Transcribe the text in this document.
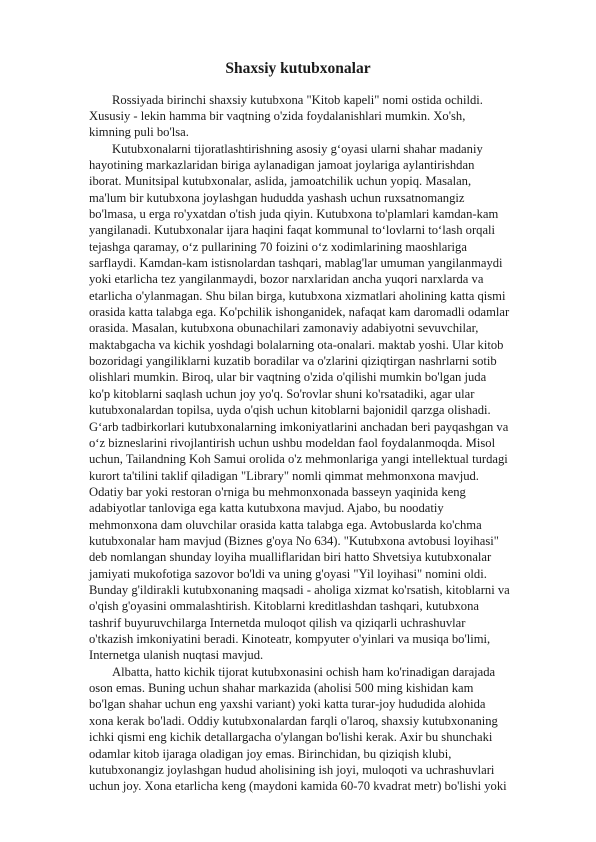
Shaxsiy kutubxonalar
Rossiyada birinchi shaxsiy kutubxona "Kitob kapeli" nomi ostida ochildi.
Xususiy - lekin hamma bir vaqtning o'zida foydalanishlari mumkin. Xo'sh,
kimning puli bo'lsa.
Kutubxonalarni tijoratlashtirishning asosiy g‘oyasi ularni shahar madaniy
hayotining markazlaridan biriga aylanadigan jamoat joylariga aylantirishdan
iborat. Munitsipal kutubxonalar, aslida, jamoatchilik uchun yopiq. Masalan,
ma'lum bir kutubxona joylashgan hududda yashash uchun ruxsatnomangiz
bo'lmasa, u erga ro'yxatdan o'tish juda qiyin. Kutubxona to'plamlari kamdan-kam
yangilanadi. Kutubxonalar ijara haqini faqat kommunal to‘lovlarni to‘lash orqali
tejashga qaramay, o‘z pullarining 70 foizini o‘z xodimlarining maoshlariga
sarflaydi. Kamdan-kam istisnolardan tashqari, mablag'lar umuman yangilanmaydi
yoki etarlicha tez yangilanmaydi, bozor narxlaridan ancha yuqori narxlarda va
etarlicha o'ylanmagan. Shu bilan birga, kutubxona xizmatlari aholining katta qismi
orasida katta talabga ega. Ko'pchilik ishonganidek, nafaqat kam daromadli odamlar
orasida. Masalan, kutubxona obunachilari zamonaviy adabiyotni sevuvchilar,
maktabgacha va kichik yoshdagi bolalarning ota-onalari. maktab yoshi. Ular kitob
bozoridagi yangiliklarni kuzatib boradilar va o'zlarini qiziqtirgan nashrlarni sotib
olishlari mumkin. Biroq, ular bir vaqtning o'zida o'qilishi mumkin bo'lgan juda
ko'p kitoblarni saqlash uchun joy yo'q. So'rovlar shuni ko'rsatadiki, agar ular
kutubxonalardan topilsa, uyda o'qish uchun kitoblarni bajonidil qarzga olishadi.
G‘arb tadbirkorlari kutubxonalarning imkoniyatlarini anchadan beri payqashgan va
o‘z bizneslarini rivojlantirish uchun ushbu modeldan faol foydalanmoqda. Misol
uchun, Tailandning Koh Samui orolida o'z mehmonlariga yangi intellektual turdagi
kurort ta'tilini taklif qiladigan "Library" nomli qimmat mehmonxona mavjud.
Odatiy bar yoki restoran o'rniga bu mehmonxonada basseyn yaqinida keng
adabiyotlar tanloviga ega katta kutubxona mavjud. Ajabo, bu noodatiy
mehmonxona dam oluvchilar orasida katta talabga ega. Avtobuslarda ko'chma
kutubxonalar ham mavjud (Biznes g'oya No 634). "Kutubxona avtobusi loyihasi"
deb nomlangan shunday loyiha mualliflaridan biri hatto Shvetsiya kutubxonalar
jamiyati mukofotiga sazovor bo'ldi va uning g'oyasi "Yil loyihasi" nomini oldi.
Bunday g'ildirakli kutubxonaning maqsadi - aholiga xizmat ko'rsatish, kitoblarni va
o'qish g'oyasini ommalashtirish. Kitoblarni kreditlashdan tashqari, kutubxona
tashrif buyuruvchilarga Internetda muloqot qilish va qiziqarli uchrashuvlar
o'tkazish imkoniyatini beradi. Kinoteatr, kompyuter o'yinlari va musiqa bo'limi,
Internetga ulanish nuqtasi mavjud.
Albatta, hatto kichik tijorat kutubxonasini ochish ham ko'rinadigan darajada
oson emas. Buning uchun shahar markazida (aholisi 500 ming kishidan kam
bo'lgan shahar uchun eng yaxshi variant) yoki katta turar-joy hududida alohida
xona kerak bo'ladi. Oddiy kutubxonalardan farqli o'laroq, shaxsiy kutubxonaning
ichki qismi eng kichik detallargacha o'ylangan bo'lishi kerak. Axir bu shunchaki
odamlar kitob ijaraga oladigan joy emas. Birinchidan, bu qiziqish klubi,
kutubxonangiz joylashgan hudud aholisining ish joyi, muloqoti va uchrashuvlari
uchun joy. Xona etarlicha keng (maydoni kamida 60-70 kvadrat metr) bo'lishi yoki
